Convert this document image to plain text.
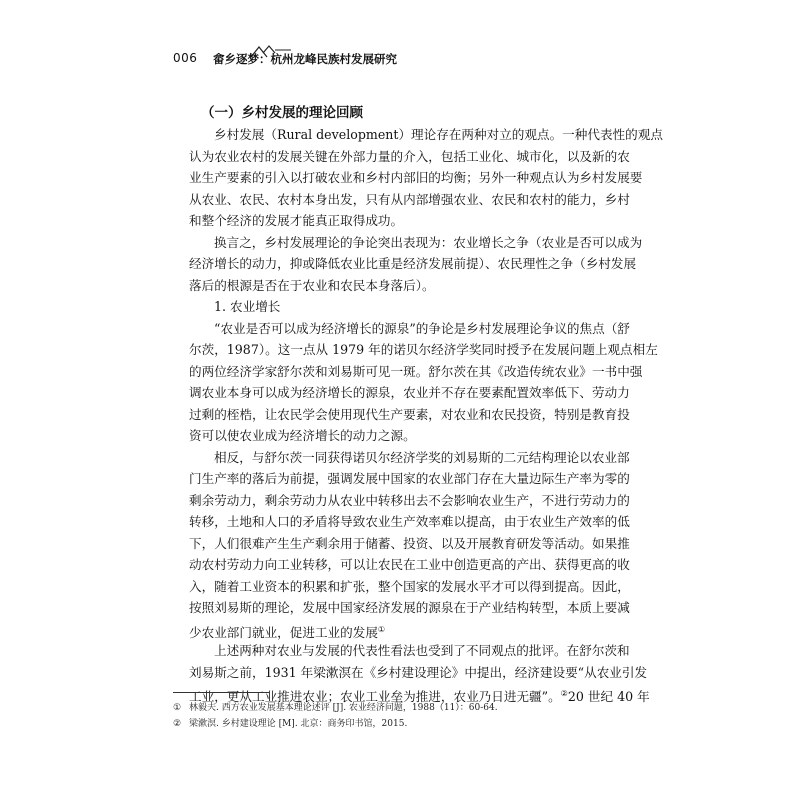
006 畲乡逐梦：杭州龙峰民族村发展研究
（一）乡村发展的理论回顾
乡村发展（Rural development）理论存在两种对立的观点。一种代表性的观点
认为农业农村的发展关键在外部力量的介入，包括工业化、城市化，以及新的农
业生产要素的引入以打破农业和乡村内部旧的均衡；另外一种观点认为乡村发展要
从农业、农民、农村本身出发，只有从内部增强农业、农民和农村的能力，乡村
和整个经济的发展才能真正取得成功。
换言之，乡村发展理论的争论突出表现为：农业增长之争（农业是否可以成为
经济增长的动力，抑或降低农业比重是经济发展前提）、农民理性之争（乡村发展
落后的根源是否在于农业和农民本身落后）。
1. 农业增长
“农业是否可以成为经济增长的源泉”的争论是乡村发展理论争议的焦点（舒
尔茨，1987）。这一点从 1979 年的诺贝尔经济学奖同时授予在发展问题上观点相左
的两位经济学家舒尔茨和刘易斯可见一斑。舒尔茨在其《改造传统农业》一书中强
调农业本身可以成为经济增长的源泉，农业并不存在要素配置效率低下、劳动力
过剩的桎梏，让农民学会使用现代生产要素，对农业和农民投资，特别是教育投
资可以使农业成为经济增长的动力之源。
相反，与舒尔茨一同获得诺贝尔经济学奖的刘易斯的二元结构理论以农业部
门生产率的落后为前提，强调发展中国家的农业部门存在大量边际生产率为零的
剩余劳动力，剩余劳动力从农业中转移出去不会影响农业生产，不进行劳动力的
转移，土地和人口的矛盾将导致农业生产效率难以提高，由于农业生产效率的低
下，人们很难产生生产剩余用于储蓄、投资、以及开展教育研发等活动。如果推
动农村劳动力向工业转移，可以让农民在工业中创造更高的产出、获得更高的收
入，随着工业资本的积累和扩张，整个国家的发展水平才可以得到提高。因此，
按照刘易斯的理论，发展中国家经济发展的源泉在于产业结构转型，本质上要减
少农业部门就业，促进工业的发展①
上述两种对农业与发展的代表性看法也受到了不同观点的批评。在舒尔茨和
刘易斯之前，1931 年梁漱溟在《乡村建设理论》中提出，经济建设要“从农业引发
工业，更从工业推进农业；农业工业垒为推进，农业乃日进无疆”。②20 世纪 40 年
① 林毅夫. 西方农业发展基本理论述评 [J]. 农业经济问题，1988（11）：60-64.
② 梁漱溟. 乡村建设理论 [M]. 北京：商务印书馆，2015.
